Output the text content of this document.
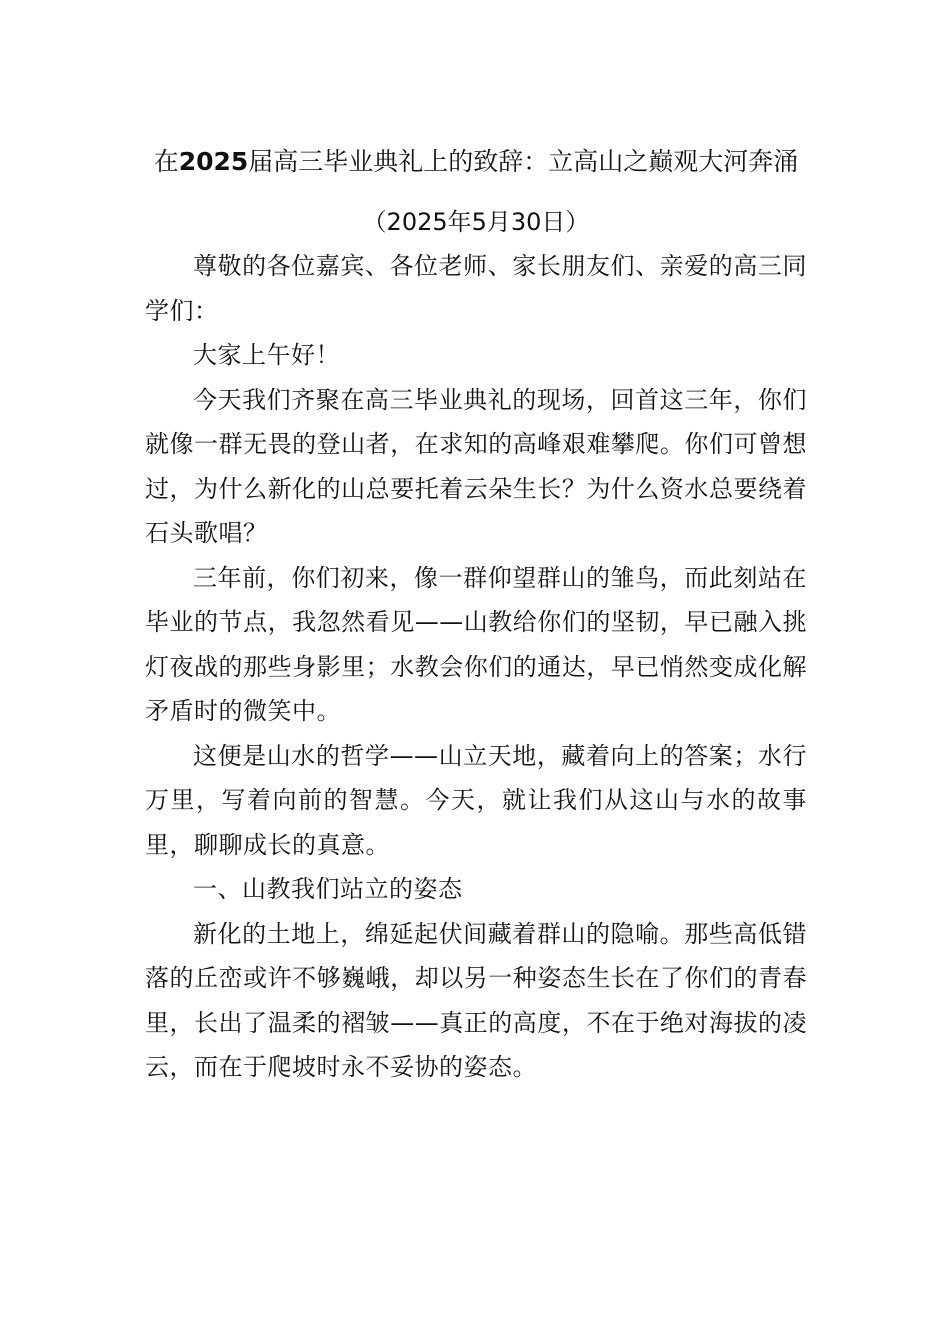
在2025届高三毕业典礼上的致辞：立高山之巅观大河奔涌

（2025年5月30日）

尊敬的各位嘉宾、各位老师、家长朋友们、亲爱的高三同学们：

大家上午好！

今天我们齐聚在高三毕业典礼的现场，回首这三年，你们就像一群无畏的登山者，在求知的高峰艰难攀爬。你们可曾想过，为什么新化的山总要托着云朵生长？为什么资水总要绕着石头歌唱？

三年前，你们初来，像一群仰望群山的雏鸟，而此刻站在毕业的节点，我忽然看见——山教给你们的坚韧，早已融入挑灯夜战的那些身影里；水教会你们的通达，早已悄然变成化解矛盾时的微笑中。

这便是山水的哲学——山立天地，藏着向上的答案；水行万里，写着向前的智慧。今天，就让我们从这山与水的故事里，聊聊成长的真意。

一、山教我们站立的姿态

新化的土地上，绵延起伏间藏着群山的隐喻。那些高低错落的丘峦或许不够巍峨，却以另一种姿态生长在了你们的青春里，长出了温柔的褶皱——真正的高度，不在于绝对海拔的凌云，而在于爬坡时永不妥协的姿态。
